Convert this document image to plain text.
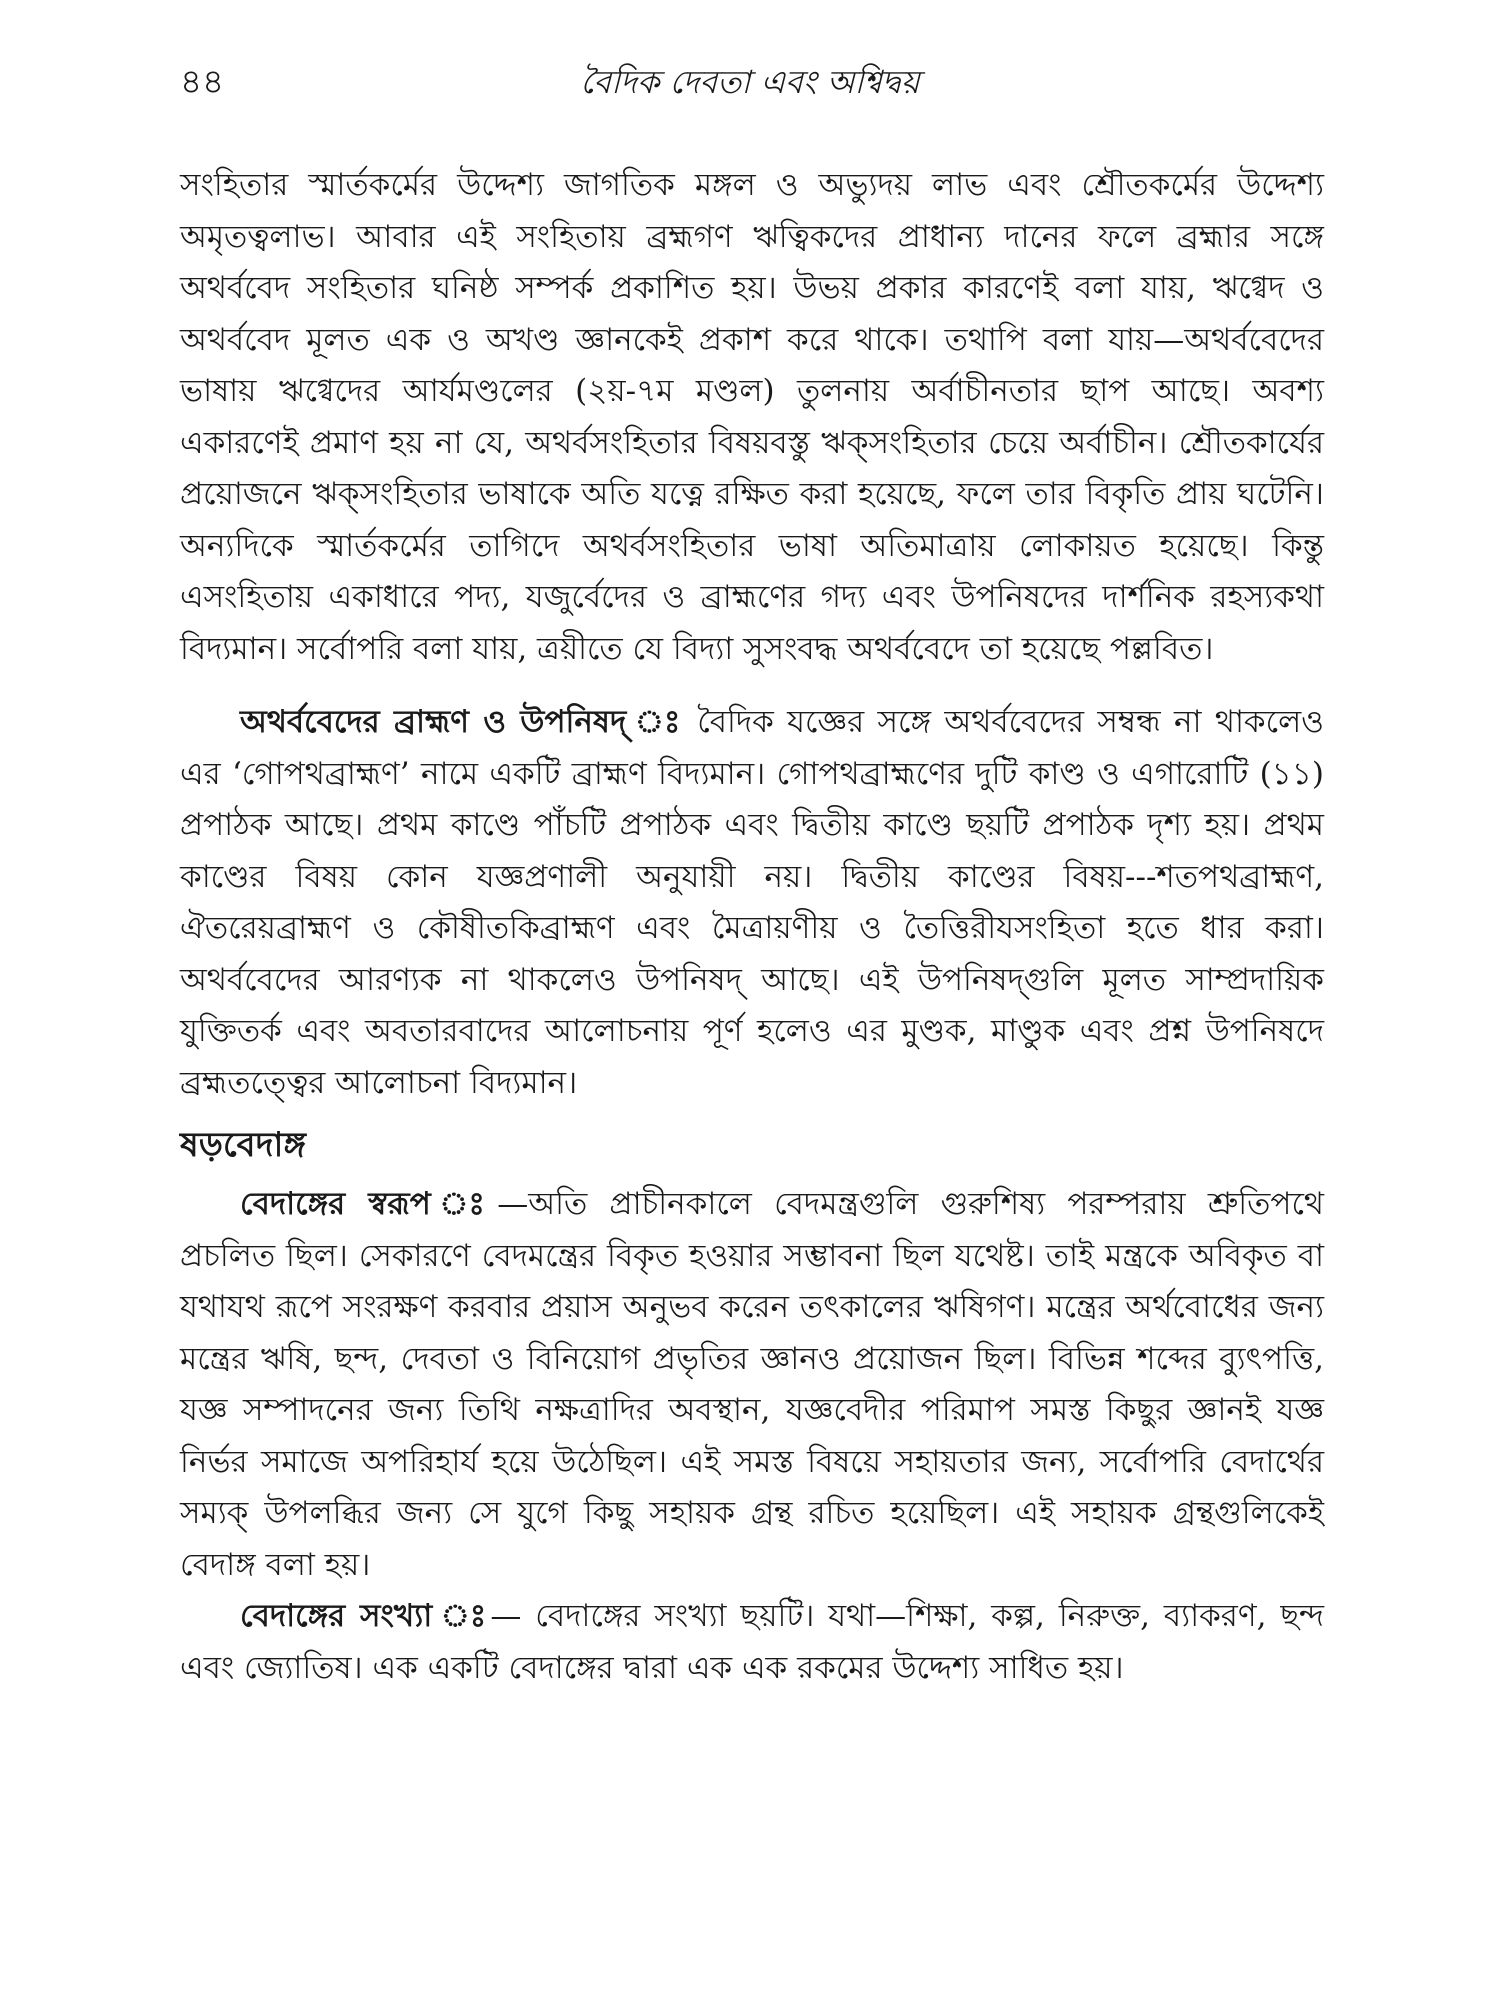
৪৪	বৈদিক দেবতা এবং অশ্বিদ্বয়

সংহিতার স্মার্তকর্মের উদ্দেশ্য জাগতিক মঙ্গল ও অভ্যুদয় লাভ এবং শ্রৌতকর্মের উদ্দেশ্য অমৃতত্বলাভ। আবার এই সংহিতায় ব্রহ্মগণ ঋত্বিকদের প্রাধান্য দানের ফলে ব্রহ্মার সঙ্গে অথর্ববেদ সংহিতার ঘনিষ্ঠ সম্পর্ক প্রকাশিত হয়। উভয় প্রকার কারণেই বলা যায়, ঋগ্বেদ ও অথর্ববেদ মূলত এক ও অখণ্ড জ্ঞানকেই প্রকাশ করে থাকে। তথাপি বলা যায়—অথর্ববেদের ভাষায় ঋগ্বেদের আর্যমণ্ডলের (২য়-৭ম মণ্ডল) তুলনায় অর্বাচীনতার ছাপ আছে। অবশ্য একারণেই প্রমাণ হয় না যে, অথর্বসংহিতার বিষয়বস্তু ঋক্‌সংহিতার চেয়ে অর্বাচীন। শ্রৌতকার্যের প্রয়োজনে ঋক্‌সংহিতার ভাষাকে অতি যত্নে রক্ষিত করা হয়েছে, ফলে তার বিকৃতি প্রায় ঘটেনি। অন্যদিকে স্মার্তকর্মের তাগিদে অথর্বসংহিতার ভাষা অতিমাত্রায় লোকায়ত হয়েছে। কিন্তু এসংহিতায় একাধারে পদ্য, যজুর্বেদের ও ব্রাহ্মণের গদ্য এবং উপনিষদের দার্শনিক রহস্যকথা বিদ্যমান। সর্বোপরি বলা যায়, ত্রয়ীতে যে বিদ্যা সুসংবদ্ধ অথর্ববেদে তা হয়েছে পল্লবিত।

অথর্ববেদের ব্রাহ্মণ ও উপনিষদ্ ঃ বৈদিক যজ্ঞের সঙ্গে অথর্ববেদের সম্বন্ধ না থাকলেও এর ‘গোপথব্রাহ্মণ’ নামে একটি ব্রাহ্মণ বিদ্যমান। গোপথব্রাহ্মণের দুটি কাণ্ড ও এগারোটি (১১) প্রপাঠক আছে। প্রথম কাণ্ডে পাঁচটি প্রপাঠক এবং দ্বিতীয় কাণ্ডে ছয়টি প্রপাঠক দৃশ্য হয়। প্রথম কাণ্ডের বিষয় কোন যজ্ঞপ্রণালী অনুযায়ী নয়। দ্বিতীয় কাণ্ডের বিষয়---শতপথব্রাহ্মণ, ঐতরেয়ব্রাহ্মণ ও কৌষীতকিব্রাহ্মণ এবং মৈত্রায়ণীয় ও তৈত্তিরীযসংহিতা হতে ধার করা। অথর্ববেদের আরণ্যক না থাকলেও উপনিষদ্ আছে। এই উপনিষদ্‌গুলি মূলত সাম্প্রদায়িক যুক্তিতর্ক এবং অবতারবাদের আলোচনায় পূর্ণ হলেও এর মুণ্ডক, মাণ্ডুক এবং প্রশ্ন উপনিষদে ব্রহ্মতত্ত্বের আলোচনা বিদ্যমান।

ষড়বেদাঙ্গ

বেদাঙ্গের স্বরূপ ঃ—অতি প্রাচীনকালে বেদমন্ত্রগুলি গুরুশিষ্য পরম্পরায় শ্রুতিপথে প্রচলিত ছিল। সেকারণে বেদমন্ত্রের বিকৃত হওয়ার সম্ভাবনা ছিল যথেষ্ট। তাই মন্ত্রকে অবিকৃত বা যথাযথ রূপে সংরক্ষণ করবার প্রয়াস অনুভব করেন তৎকালের ঋষিগণ। মন্ত্রের অর্থবোধের জন্য মন্ত্রের ঋষি, ছন্দ, দেবতা ও বিনিয়োগ প্রভৃতির জ্ঞানও প্রয়োজন ছিল। বিভিন্ন শব্দের ব্যুৎপত্তি, যজ্ঞ সম্পাদনের জন্য তিথি নক্ষত্রাদির অবস্থান, যজ্ঞবেদীর পরিমাপ সমস্ত কিছুর জ্ঞানই যজ্ঞ নির্ভর সমাজে অপরিহার্য হয়ে উঠেছিল। এই সমস্ত বিষয়ে সহায়তার জন্য, সর্বোপরি বেদার্থের সম্যক্ উপলব্ধির জন্য সে যুগে কিছু সহায়ক গ্রন্থ রচিত হয়েছিল। এই সহায়ক গ্রন্থগুলিকেই বেদাঙ্গ বলা হয়।

বেদাঙ্গের সংখ্যা ঃ— বেদাঙ্গের সংখ্যা ছয়টি। যথা—শিক্ষা, কল্প, নিরুক্ত, ব্যাকরণ, ছন্দ এবং জ্যোতিষ। এক একটি বেদাঙ্গের দ্বারা এক এক রকমের উদ্দেশ্য সাধিত হয়।
